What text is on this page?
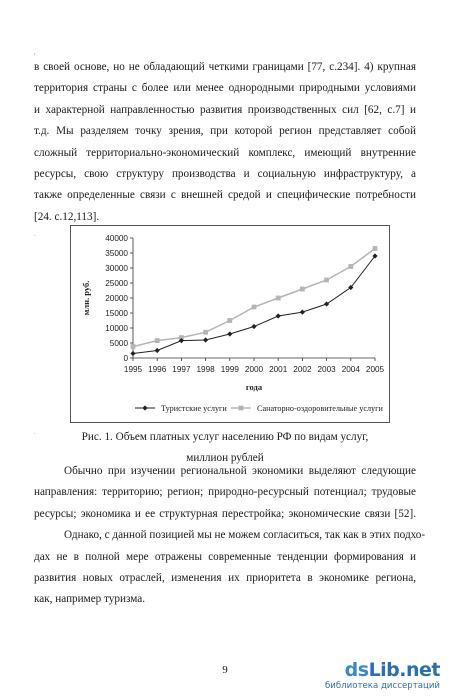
в своей основе, но не обладающий четкими границами [77, с.234]. 4) крупная
территория страны с более или менее однородными природными условиями
и характерной направленностью развития производственных сил [62, с.7] и
т.д. Мы разделяем точку зрения, при которой регион представляет собой
сложный территориально-экономический комплекс, имеющий внутренние
ресурсы, свою структуру производства и социальную инфраструктуру, а
также определенные связи с внешней средой и специфические потребности
[24. с.12,113].
0
5000
10000
15000
20000
25000
30000
35000
40000
1995 1996 1997 1998 1999 2000 2001 2002 2003 2004 2005
года
млн. руб.
Туристские услуги	Санаторно-оздоровительные услуги
Рис. 1. Объем платных услуг населению РФ по видам услуг,
миллион рублей
Обычно при изучении региональной экономики выделяют следующие
направления: территорию; регион; природно-ресурсный потенциал; трудовые
ресурсы; экономика и ее структурная перестройка; экономические связи [52].
Однако, с данной позицией мы не можем согласиться, так как в этих подхо-
дах не в полной мере отражены современные тенденции формирования и
развития новых отраслей, изменения их приоритета в экономике региона,
как, например туризма.
,
.
.
9	dsLib.net
библиотека диссертаций
